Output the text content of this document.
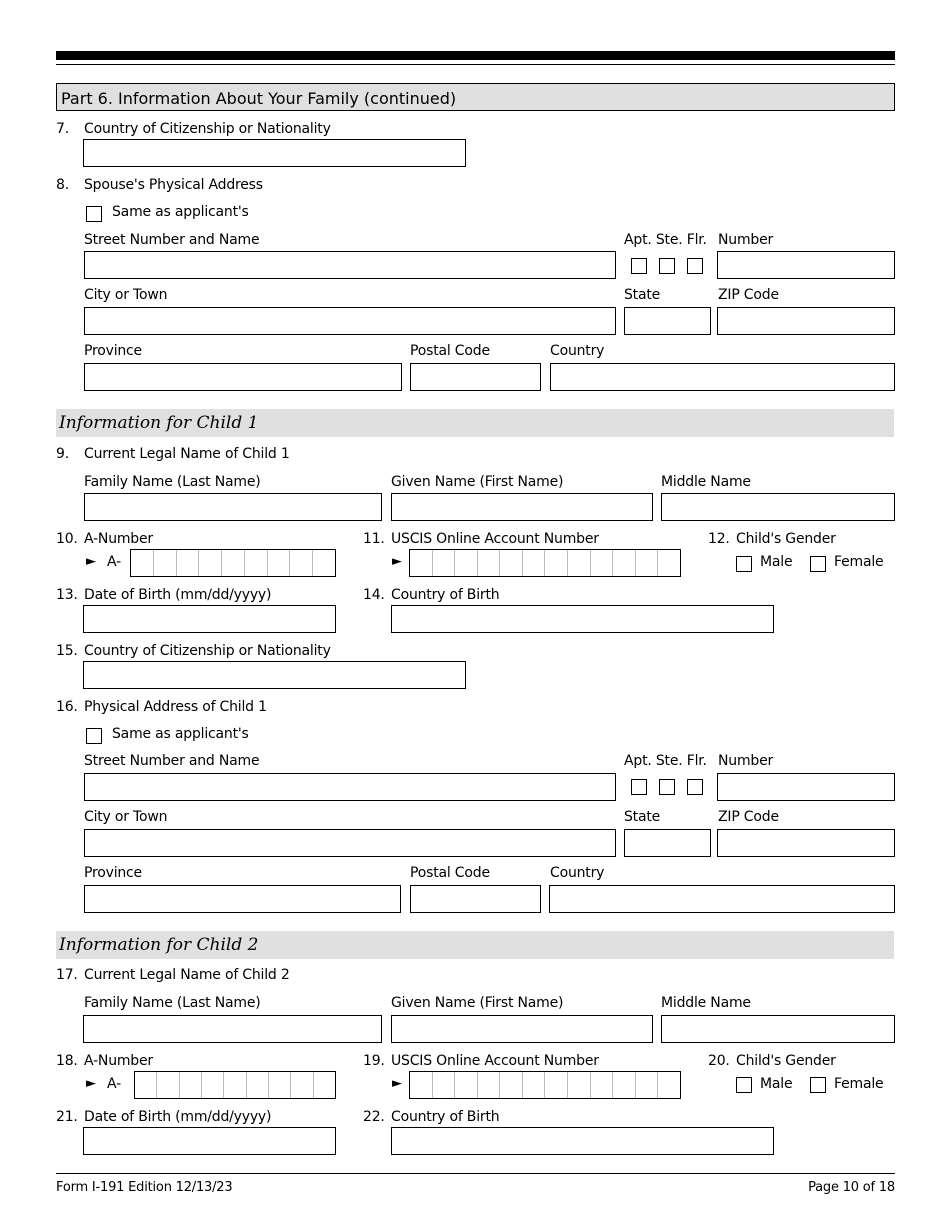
Part 6. Information About Your Family (continued)
7. Country of Citizenship or Nationality
8. Spouse's Physical Address
Same as applicant's
Street Number and Name	Apt. Ste. Flr. Number
City or Town	State	ZIP Code
Province	Postal Code	Country
Information for Child 1
9. Current Legal Name of Child 1
Family Name (Last Name)	Given Name (First Name)	Middle Name
10. A-Number
► A-
11. USCIS Online Account Number
►
12. Child's Gender
Male	Female
13. Date of Birth (mm/dd/yyyy)	14. Country of Birth
15. Country of Citizenship or Nationality
16. Physical Address of Child 1
Same as applicant's
Street Number and Name	Apt. Ste. Flr. Number
City or Town	State	ZIP Code
Province	Postal Code	Country
Information for Child 2
17. Current Legal Name of Child 2
Family Name (Last Name)	Given Name (First Name)	Middle Name
18. A-Number
► A-
19. USCIS Online Account Number
►
20. Child's Gender
Male	Female
21. Date of Birth (mm/dd/yyyy)	22. Country of Birth
Form I-191 Edition 12/13/23	Page 10 of 18
